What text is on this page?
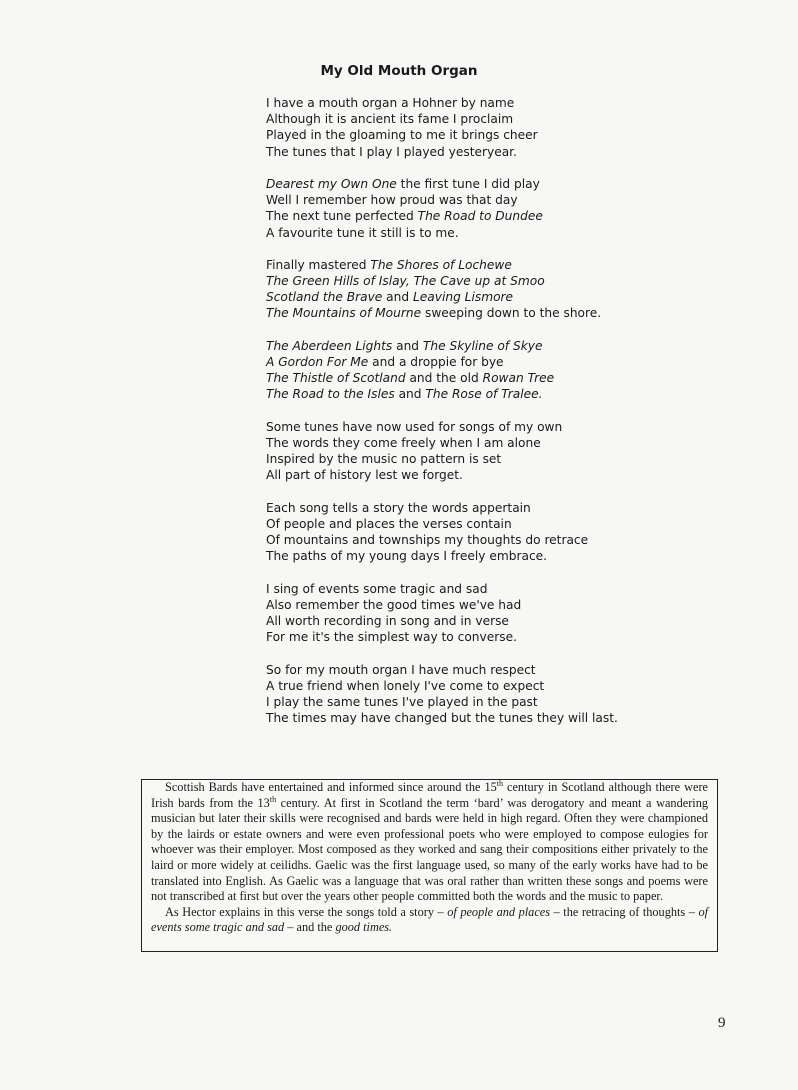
My Old Mouth Organ
I have a mouth organ a Hohner by name
Although it is ancient its fame I proclaim
Played in the gloaming to me it brings cheer
The tunes that I play I played yesteryear.
Dearest my Own One the first tune I did play
Well I remember how proud was that day
The next tune perfected The Road to Dundee
A favourite tune it still is to me.
Finally mastered The Shores of Lochewe
The Green Hills of Islay, The Cave up at Smoo
Scotland the Brave and Leaving Lismore
The Mountains of Mourne sweeping down to the shore.
The Aberdeen Lights and The Skyline of Skye
A Gordon For Me and a droppie for bye
The Thistle of Scotland and the old Rowan Tree
The Road to the Isles and The Rose of Tralee.
Some tunes have now used for songs of my own
The words they come freely when I am alone
Inspired by the music no pattern is set
All part of history lest we forget.
Each song tells a story the words appertain
Of people and places the verses contain
Of mountains and townships my thoughts do retrace
The paths of my young days I freely embrace.
I sing of events some tragic and sad
Also remember the good times we've had
All worth recording in song and in verse
For me it's the simplest way to converse.
So for my mouth organ I have much respect
A true friend when lonely I've come to expect
I play the same tunes I've played in the past
The times may have changed but the tunes they will last.

Scottish Bards have entertained and informed since around the 15th century in Scotland although there were Irish bards from the 13th century. At first in Scotland the term ‘bard’ was derogatory and meant a wandering musician but later their skills were recognised and bards were held in high regard. Often they were championed by the lairds or estate owners and were even professional poets who were employed to compose eulogies for whoever was their employer. Most composed as they worked and sang their compositions either privately to the laird or more widely at ceilidhs. Gaelic was the first language used, so many of the early works have had to be translated into English. As Gaelic was a language that was oral rather than written these songs and poems were not transcribed at first but over the years other people committed both the words and the music to paper.

As Hector explains in this verse the songs told a story – of people and places – the retracing of thoughts – of events some tragic and sad – and the good times.

9
